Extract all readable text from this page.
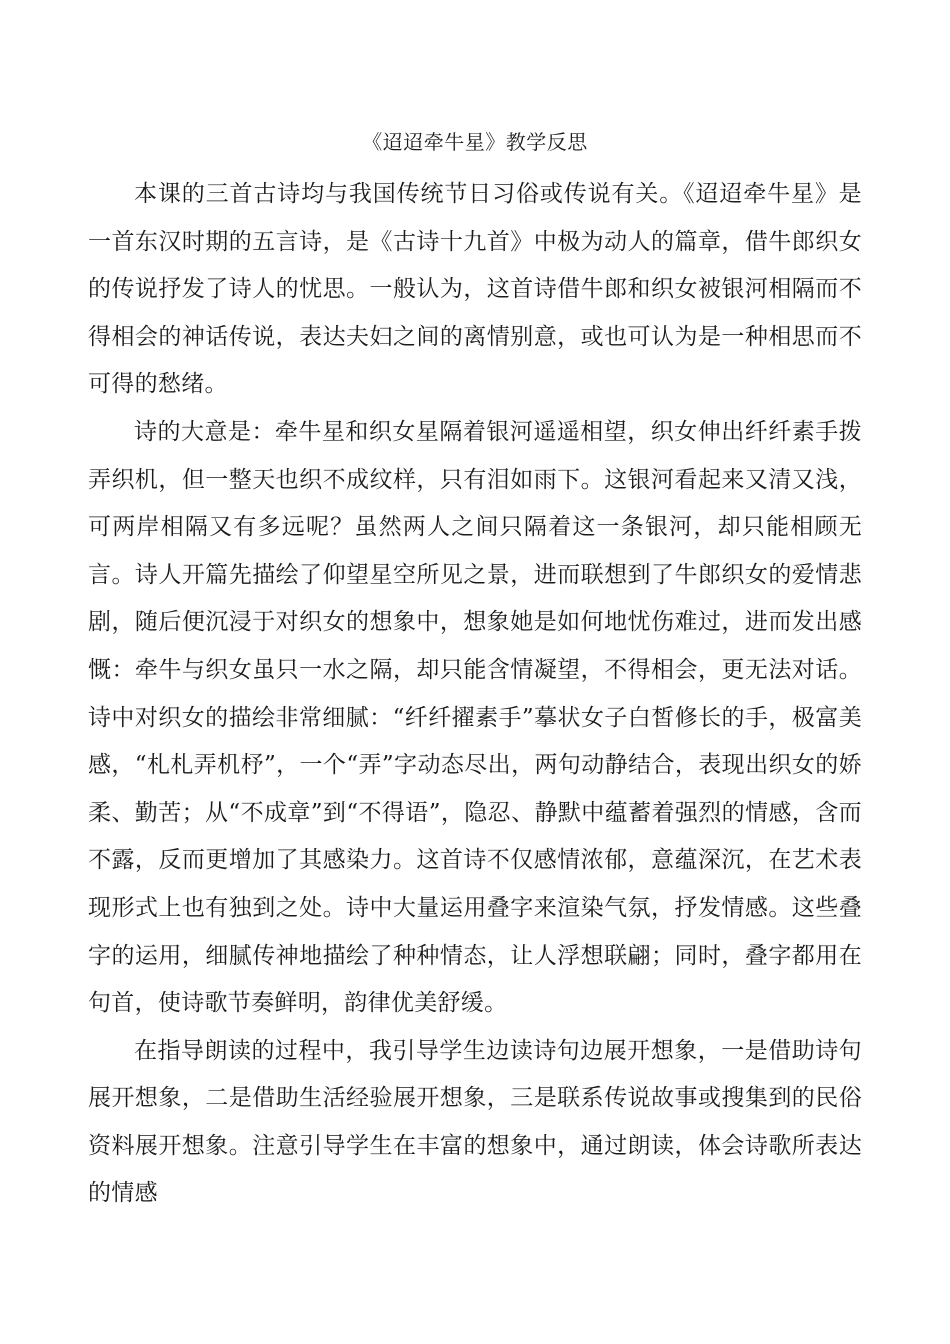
《迢迢牵牛星》教学反思

本课的三首古诗均与我国传统节日习俗或传说有关。《迢迢牵牛星》是一首东汉时期的五言诗，是《古诗十九首》中极为动人的篇章，借牛郎织女的传说抒发了诗人的忧思。一般认为，这首诗借牛郎和织女被银河相隔而不得相会的神话传说，表达夫妇之间的离情别意，或也可认为是一种相思而不可得的愁绪。

诗的大意是：牵牛星和织女星隔着银河遥遥相望，织女伸出纤纤素手拨弄织机，但一整天也织不成纹样，只有泪如雨下。这银河看起来又清又浅，可两岸相隔又有多远呢？虽然两人之间只隔着这一条银河，却只能相顾无言。诗人开篇先描绘了仰望星空所见之景，进而联想到了牛郎织女的爱情悲剧，随后便沉浸于对织女的想象中，想象她是如何地忧伤难过，进而发出感慨：牵牛与织女虽只一水之隔，却只能含情凝望，不得相会，更无法对话。诗中对织女的描绘非常细腻：“纤纤擢素手”摹状女子白皙修长的手，极富美感，“札札弄机杼”，一个“弄”字动态尽出，两句动静结合，表现出织女的娇柔、勤苦；从“不成章”到“不得语”，隐忍、静默中蕴蓄着强烈的情感，含而不露，反而更增加了其感染力。这首诗不仅感情浓郁，意蕴深沉，在艺术表现形式上也有独到之处。诗中大量运用叠字来渲染气氛，抒发情感。这些叠字的运用，细腻传神地描绘了种种情态，让人浮想联翩；同时，叠字都用在句首，使诗歌节奏鲜明，韵律优美舒缓。

在指导朗读的过程中，我引导学生边读诗句边展开想象，一是借助诗句展开想象，二是借助生活经验展开想象，三是联系传说故事或搜集到的民俗资料展开想象。注意引导学生在丰富的想象中，通过朗读，体会诗歌所表达的情感
